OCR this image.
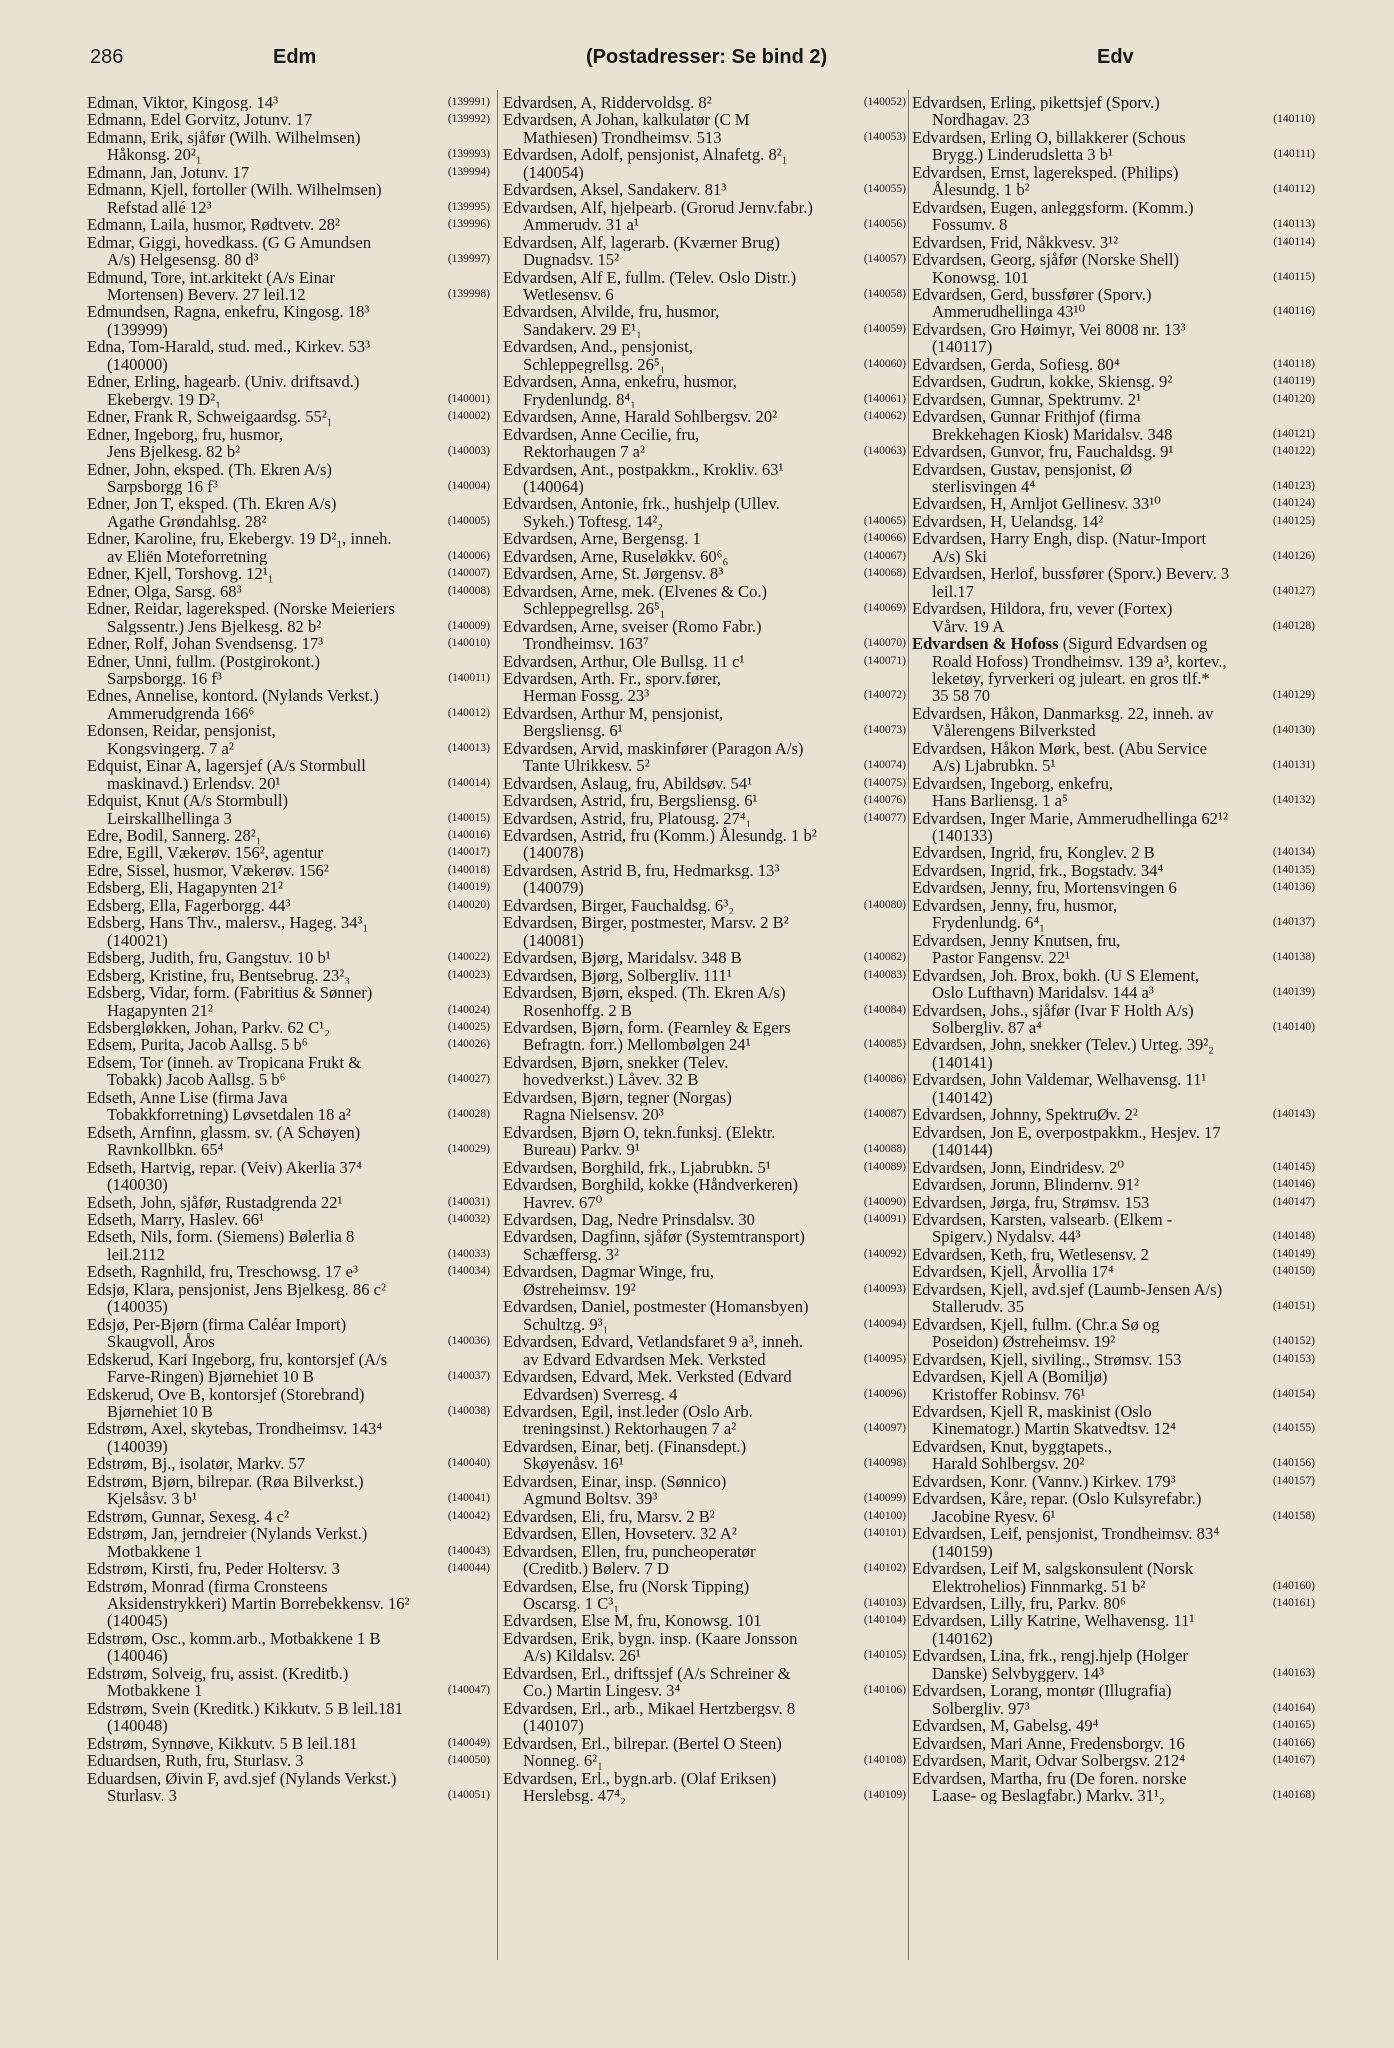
286	Edm	(Postadresser: Se bind 2)	Edv
Edman, Viktor, Kingosg. 14³	(139991)
Edmann, Edel Gorvitz, Jotunv. 17	(139992)
Edmann, Erik, sjåfør (Wilh. Wilhelmsen)
Håkonsg. 20²₁	(139993)
Edmann, Jan, Jotunv. 17	(139994)
Edmann, Kjell, fortoller (Wilh. Wilhelmsen)
Refstad allé 12³	(139995)
Edmann, Laila, husmor, Rødtvetv. 28²	(139996)
Edmar, Giggi, hovedkass. (G G Amundsen
A/s) Helgesensg. 80 d³	(139997)
Edmund, Tore, int.arkitekt (A/s Einar
Mortensen) Beverv. 27 leil.12	(139998)
Edmundsen, Ragna, enkefru, Kingosg. 18³
(139999)
Edna, Tom-Harald, stud. med., Kirkev. 53³
(140000)
Edner, Erling, hagearb. (Univ. driftsavd.)
Ekebergv. 19 D²₁	(140001)
Edner, Frank R, Schweigaardsg. 55²₁	(140002)
Edner, Ingeborg, fru, husmor,
Jens Bjelkesg. 82 b²	(140003)
Edner, John, eksped. (Th. Ekren A/s)
Sarpsborgg 16 f³	(140004)
Edner, Jon T, eksped. (Th. Ekren A/s)
Agathe Grøndahlsg. 28²	(140005)
Edner, Karoline, fru, Ekebergv. 19 D²₁, inneh.
av Eliën Moteforretning	(140006)
Edner, Kjell, Torshovg. 12¹₁	(140007)
Edner, Olga, Sarsg. 68³	(140008)
Edner, Reidar, lagereksped. (Norske Meieriers
Salgssentr.) Jens Bjelkesg. 82 b²	(140009)
Edner, Rolf, Johan Svendsensg. 17³	(140010)
Edner, Unni, fullm. (Postgirokont.)
Sarpsborgg. 16 f³	(140011)
Ednes, Annelise, kontord. (Nylands Verkst.)
Ammerudgrenda 166⁶	(140012)
Edonsen, Reidar, pensjonist,
Kongsvingerg. 7 a²	(140013)
Edquist, Einar A, lagersjef (A/s Stormbull
maskinavd.) Erlendsv. 20¹	(140014)
Edquist, Knut (A/s Stormbull)
Leirskallhellinga 3	(140015)
Edre, Bodil, Sannerg. 28²₁	(140016)
Edre, Egill, Vækerøv. 156², agentur	(140017)
Edre, Sissel, husmor, Vækerøv. 156²	(140018)
Edsberg, Eli, Hagapynten 21²	(140019)
Edsberg, Ella, Fagerborgg. 44³	(140020)
Edsberg, Hans Thv., malersv., Hageg. 34³₁
(140021)
Edsberg, Judith, fru, Gangstuv. 10 b¹	(140022)
Edsberg, Kristine, fru, Bentsebrug. 23²₃	(140023)
Edsberg, Vidar, form. (Fabritius & Sønner)
Hagapynten 21²	(140024)
Edsbergløkken, Johan, Parkv. 62 C¹₂	(140025)
Edsem, Purita, Jacob Aallsg. 5 b⁶	(140026)
Edsem, Tor (inneh. av Tropicana Frukt &
Tobakk) Jacob Aallsg. 5 b⁶	(140027)
Edseth, Anne Lise (firma Java
Tobakkforretning) Løvsetdalen 18 a²	(140028)
Edseth, Arnfinn, glassm. sv. (A Schøyen)
Ravnkollbkn. 65⁴	(140029)
Edseth, Hartvig, repar. (Veiv) Akerlia 37⁴
(140030)
Edseth, John, sjåfør, Rustadgrenda 22¹	(140031)
Edseth, Marry, Haslev. 66¹	(140032)
Edseth, Nils, form. (Siemens) Bølerlia 8
leil.2112	(140033)
Edseth, Ragnhild, fru, Treschowsg. 17 e³	(140034)
Edsjø, Klara, pensjonist, Jens Bjelkesg. 86 c²
(140035)
Edsjø, Per-Bjørn (firma Caléar Import)
Skaugvoll, Åros	(140036)
Edskerud, Kari Ingeborg, fru, kontorsjef (A/s
Farve-Ringen) Bjørnehiet 10 B	(140037)
Edskerud, Ove B, kontorsjef (Storebrand)
Bjørnehiet 10 B	(140038)
Edstrøm, Axel, skytebas, Trondheimsv. 143⁴
(140039)
Edstrøm, Bj., isolatør, Markv. 57	(140040)
Edstrøm, Bjørn, bilrepar. (Røa Bilverkst.)
Kjelsåsv. 3 b¹	(140041)
Edstrøm, Gunnar, Sexesg. 4 c²	(140042)
Edstrøm, Jan, jerndreier (Nylands Verkst.)
Motbakkene 1	(140043)
Edstrøm, Kirsti, fru, Peder Holtersv. 3	(140044)
Edstrøm, Monrad (firma Cronsteens
Aksidenstrykkeri) Martin Borrebekkensv. 16²
(140045)
Edstrøm, Osc., komm.arb., Motbakkene 1 B
(140046)
Edstrøm, Solveig, fru, assist. (Kreditb.)
Motbakkene 1	(140047)
Edstrøm, Svein (Kreditk.) Kikkutv. 5 B leil.181
(140048)
Edstrøm, Synnøve, Kikkutv. 5 B leil.181	(140049)
Eduardsen, Ruth, fru, Sturlasv. 3	(140050)
Eduardsen, Øivin F, avd.sjef (Nylands Verkst.)
Sturlasv. 3	(140051)
Edvardsen, A, Riddervoldsg. 8²	(140052)
Edvardsen, A Johan, kalkulatør (C M
Mathiesen) Trondheimsv. 513	(140053)
Edvardsen, Adolf, pensjonist, Alnafetg. 8²₁
(140054)
Edvardsen, Aksel, Sandakerv. 81³	(140055)
Edvardsen, Alf, hjelpearb. (Grorud Jernv.fabr.)
Ammerudv. 31 a¹	(140056)
Edvardsen, Alf, lagerarb. (Kværner Brug)
Dugnadsv. 15²	(140057)
Edvardsen, Alf E, fullm. (Telev. Oslo Distr.)
Wetlesensv. 6	(140058)
Edvardsen, Alvilde, fru, husmor,
Sandakerv. 29 E¹₁	(140059)
Edvardsen, And., pensjonist,
Schleppegrellsg. 26⁵₁	(140060)
Edvardsen, Anna, enkefru, husmor,
Frydenlundg. 8⁴₁	(140061)
Edvardsen, Anne, Harald Sohlbergsv. 20²	(140062)
Edvardsen, Anne Cecilie, fru,
Rektorhaugen 7 a²	(140063)
Edvardsen, Ant., postpakkm., Krokliv. 63¹
(140064)
Edvardsen, Antonie, frk., hushjelp (Ullev.
Sykeh.) Toftesg. 14²₂	(140065)
Edvardsen, Arne, Bergensg. 1	(140066)
Edvardsen, Arne, Ruseløkkv. 60⁶₆	(140067)
Edvardsen, Arne, St. Jørgensv. 8³	(140068)
Edvardsen, Arne, mek. (Elvenes & Co.)
Schleppegrellsg. 26⁵₁	(140069)
Edvardsen, Arne, sveiser (Romo Fabr.)
Trondheimsv. 163⁷	(140070)
Edvardsen, Arthur, Ole Bullsg. 11 c¹	(140071)
Edvardsen, Arth. Fr., sporv.fører,
Herman Fossg. 23³	(140072)
Edvardsen, Arthur M, pensjonist,
Bergsliensg. 6¹	(140073)
Edvardsen, Arvid, maskinfører (Paragon A/s)
Tante Ulrikkesv. 5²	(140074)
Edvardsen, Aslaug, fru, Abildsøv. 54¹	(140075)
Edvardsen, Astrid, fru, Bergsliensg. 6¹	(140076)
Edvardsen, Astrid, fru, Platousg. 27⁴₁	(140077)
Edvardsen, Astrid, fru (Komm.) Ålesundg. 1 b²
(140078)
Edvardsen, Astrid B, fru, Hedmarksg. 13³
(140079)
Edvardsen, Birger, Fauchaldsg. 6³₂	(140080)
Edvardsen, Birger, postmester, Marsv. 2 B²
(140081)
Edvardsen, Bjørg, Maridalsv. 348 B	(140082)
Edvardsen, Bjørg, Solbergliv. 111¹	(140083)
Edvardsen, Bjørn, eksped. (Th. Ekren A/s)
Rosenhoffg. 2 B	(140084)
Edvardsen, Bjørn, form. (Fearnley & Egers
Befragtn. forr.) Mellombølgen 24¹	(140085)
Edvardsen, Bjørn, snekker (Telev.
hovedverkst.) Låvev. 32 B	(140086)
Edvardsen, Bjørn, tegner (Norgas)
Ragna Nielsensv. 20³	(140087)
Edvardsen, Bjørn O, tekn.funksj. (Elektr.
Bureau) Parkv. 9¹	(140088)
Edvardsen, Borghild, frk., Ljabrubkn. 5¹	(140089)
Edvardsen, Borghild, kokke (Håndverkeren)
Havrev. 67⁰	(140090)
Edvardsen, Dag, Nedre Prinsdalsv. 30	(140091)
Edvardsen, Dagfinn, sjåfør (Systemtransport)
Schæffersg. 3²	(140092)
Edvardsen, Dagmar Winge, fru,
Østreheimsv. 19²	(140093)
Edvardsen, Daniel, postmester (Homansbyen)
Schultzg. 9³₁	(140094)
Edvardsen, Edvard, Vetlandsfaret 9 a³, inneh.
av Edvard Edvardsen Mek. Verksted	(140095)
Edvardsen, Edvard, Mek. Verksted (Edvard
Edvardsen) Sverresg. 4	(140096)
Edvardsen, Egil, inst.leder (Oslo Arb.
treningsinst.) Rektorhaugen 7 a²	(140097)
Edvardsen, Einar, betj. (Finansdept.)
Skøyenåsv. 16¹	(140098)
Edvardsen, Einar, insp. (Sønnico)
Agmund Boltsv. 39³	(140099)
Edvardsen, Eli, fru, Marsv. 2 B²	(140100)
Edvardsen, Ellen, Hovseterv. 32 A²	(140101)
Edvardsen, Ellen, fru, puncheoperatør
(Creditb.) Bølerv. 7 D	(140102)
Edvardsen, Else, fru (Norsk Tipping)
Oscarsg. 1 C³₁	(140103)
Edvardsen, Else M, fru, Konowsg. 101	(140104)
Edvardsen, Erik, bygn. insp. (Kaare Jonsson
A/s) Kildalsv. 26¹	(140105)
Edvardsen, Erl., driftssjef (A/s Schreiner &
Co.) Martin Lingesv. 3⁴	(140106)
Edvardsen, Erl., arb., Mikael Hertzbergsv. 8
(140107)
Edvardsen, Erl., bilrepar. (Bertel O Steen)
Nonneg. 6²₁	(140108)
Edvardsen, Erl., bygn.arb. (Olaf Eriksen)
Herslebsg. 47⁴₂	(140109)
Edvardsen, Erling, pikettsjef (Sporv.)
Nordhagav. 23	(140110)
Edvardsen, Erling O, billakkerer (Schous
Brygg.) Linderudsletta 3 b¹	(140111)
Edvardsen, Ernst, lagereksped. (Philips)
Ålesundg. 1 b²	(140112)
Edvardsen, Eugen, anleggsform. (Komm.)
Fossumv. 8	(140113)
Edvardsen, Frid, Nåkkvesv. 3¹²	(140114)
Edvardsen, Georg, sjåfør (Norske Shell)
Konowsg. 101	(140115)
Edvardsen, Gerd, bussfører (Sporv.)
Ammerudhellinga 43¹⁰	(140116)
Edvardsen, Gro Høimyr, Vei 8008 nr. 13³
(140117)
Edvardsen, Gerda, Sofiesg. 80⁴	(140118)
Edvardsen, Gudrun, kokke, Skiensg. 9²	(140119)
Edvardsen, Gunnar, Spektrumv. 2¹	(140120)
Edvardsen, Gunnar Frithjof (firma
Brekkehagen Kiosk) Maridalsv. 348	(140121)
Edvardsen, Gunvor, fru, Fauchaldsg. 9¹	(140122)
Edvardsen, Gustav, pensjonist, Ø
sterlisvingen 4⁴	(140123)
Edvardsen, H, Arnljot Gellinesv. 33¹⁰	(140124)
Edvardsen, H, Uelandsg. 14²	(140125)
Edvardsen, Harry Engh, disp. (Natur-Import
A/s) Ski	(140126)
Edvardsen, Herlof, bussfører (Sporv.) Beverv. 3
leil.17	(140127)
Edvardsen, Hildora, fru, vever (Fortex)
Vårv. 19 A	(140128)
Edvardsen & Hofoss (Sigurd Edvardsen og
Roald Hofoss) Trondheimsv. 139 a³, kortev.,
leketøy, fyrverkeri og juleart. en gros tlf.*
35 58 70	(140129)
Edvardsen, Håkon, Danmarksg. 22, inneh. av
Vålerengens Bilverksted	(140130)
Edvardsen, Håkon Mørk, best. (Abu Service
A/s) Ljabrubkn. 5¹	(140131)
Edvardsen, Ingeborg, enkefru,
Hans Barliensg. 1 a⁵	(140132)
Edvardsen, Inger Marie, Ammerudhellinga 62¹²
(140133)
Edvardsen, Ingrid, fru, Konglev. 2 B	(140134)
Edvardsen, Ingrid, frk., Bogstadv. 34⁴	(140135)
Edvardsen, Jenny, fru, Mortensvingen 6	(140136)
Edvardsen, Jenny, fru, husmor,
Frydenlundg. 6⁴₁	(140137)
Edvardsen, Jenny Knutsen, fru,
Pastor Fangensv. 22¹	(140138)
Edvardsen, Joh. Brox, bokh. (U S Element,
Oslo Lufthavn) Maridalsv. 144 a³	(140139)
Edvardsen, Johs., sjåfør (Ivar F Holth A/s)
Solbergliv. 87 a⁴	(140140)
Edvardsen, John, snekker (Telev.) Urteg. 39²₂
(140141)
Edvardsen, John Valdemar, Welhavensg. 11¹
(140142)
Edvardsen, Johnny, SpektruØv. 2²	(140143)
Edvardsen, Jon E, overpostpakkm., Hesjev. 17
(140144)
Edvardsen, Jonn, Eindridesv. 2⁰	(140145)
Edvardsen, Jorunn, Blindernv. 91²	(140146)
Edvardsen, Jørga, fru, Strømsv. 153	(140147)
Edvardsen, Karsten, valsearb. (Elkem -
Spigerv.) Nydalsv. 44³	(140148)
Edvardsen, Keth, fru, Wetlesensv. 2	(140149)
Edvardsen, Kjell, Årvollia 17⁴	(140150)
Edvardsen, Kjell, avd.sjef (Laumb-Jensen A/s)
Stallerudv. 35	(140151)
Edvardsen, Kjell, fullm. (Chr.a Sø og
Poseidon) Østreheimsv. 19²	(140152)
Edvardsen, Kjell, siviling., Strømsv. 153	(140153)
Edvardsen, Kjell A (Bomiljø)
Kristoffer Robinsv. 76¹	(140154)
Edvardsen, Kjell R, maskinist (Oslo
Kinematogr.) Martin Skatvedtsv. 12⁴	(140155)
Edvardsen, Knut, byggtapets.,
Harald Sohlbergsv. 20²	(140156)
Edvardsen, Konr. (Vannv.) Kirkev. 179³	(140157)
Edvardsen, Kåre, repar. (Oslo Kulsyrefabr.)
Jacobine Ryesv. 6¹	(140158)
Edvardsen, Leif, pensjonist, Trondheimsv. 83⁴
(140159)
Edvardsen, Leif M, salgskonsulent (Norsk
Elektrohelios) Finnmarkg. 51 b²	(140160)
Edvardsen, Lilly, fru, Parkv. 80⁶	(140161)
Edvardsen, Lilly Katrine, Welhavensg. 11¹
(140162)
Edvardsen, Lina, frk., rengj.hjelp (Holger
Danske) Selvbyggerv. 14³	(140163)
Edvardsen, Lorang, montør (Illugrafia)
Solbergliv. 97³	(140164)
Edvardsen, M, Gabelsg. 49⁴	(140165)
Edvardsen, Mari Anne, Fredensborgv. 16	(140166)
Edvardsen, Marit, Odvar Solbergsv. 212⁴	(140167)
Edvardsen, Martha, fru (De foren. norske
Laase- og Beslagfabr.) Markv. 31¹₂	(140168)
